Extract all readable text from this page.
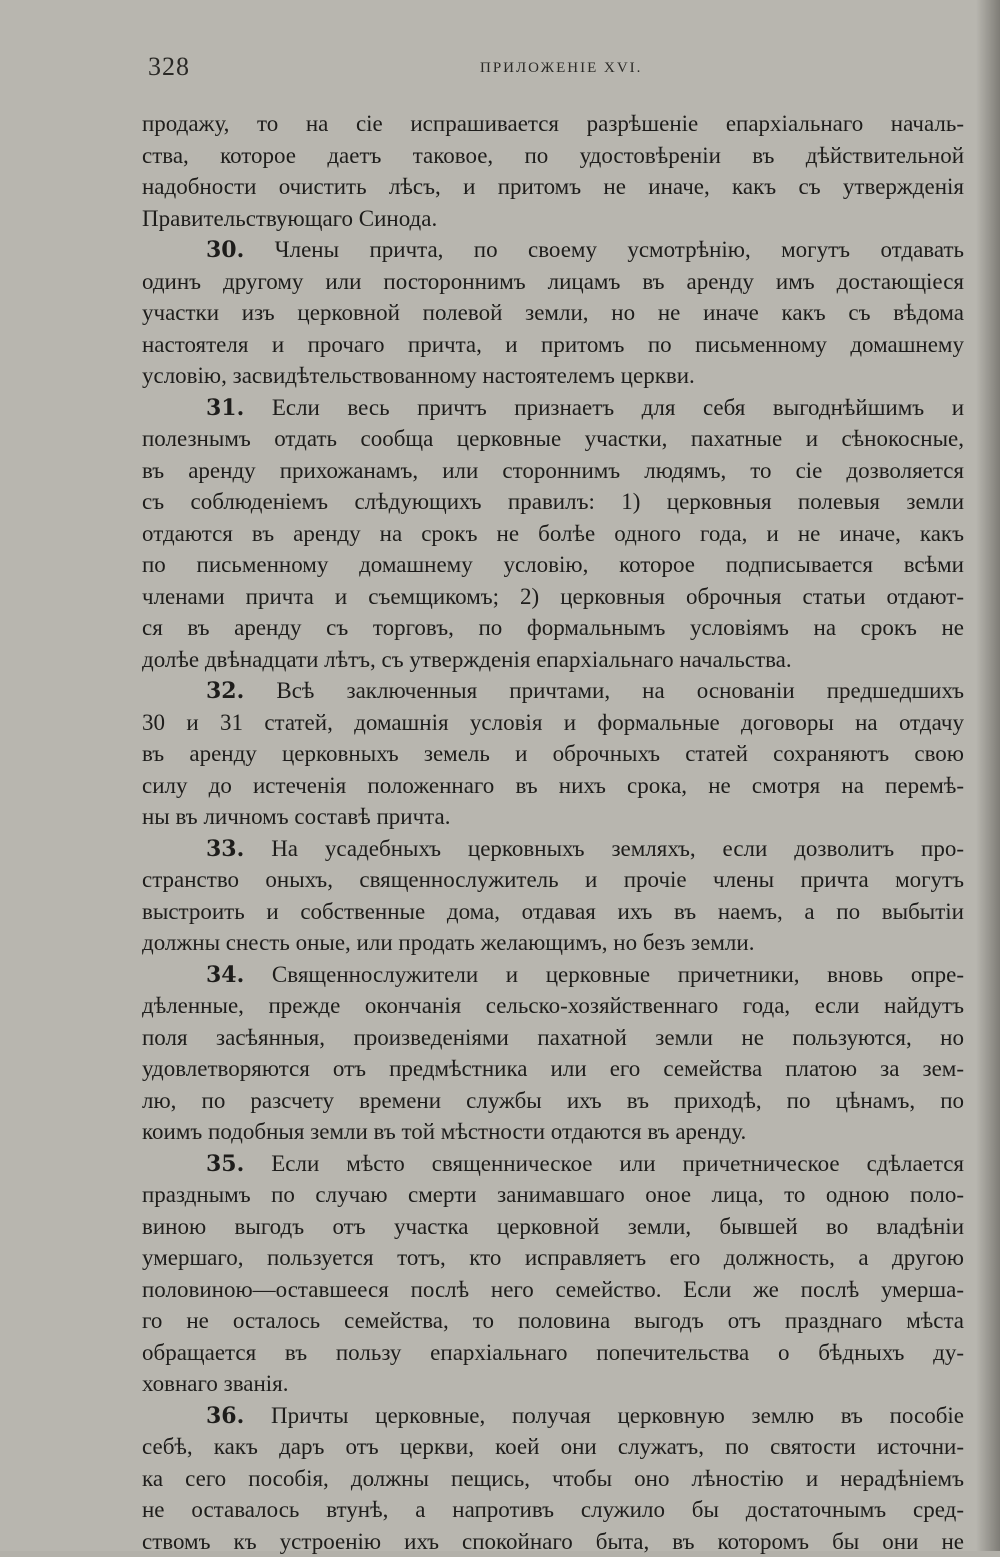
328	ПРИЛОЖЕНІЕ XVI.
продажу, то на сіе испрашивается разрѣшеніе епархіальнаго началь-
ства, которое даетъ таковое, по удостовѣреніи въ дѣйствительной
надобности очистить лѣсъ, и притомъ не иначе, какъ съ утвержденія
Правительствующаго Синода.
30. Члены причта, по своему усмотрѣнію, могутъ отдавать
одинъ другому или постороннимъ лицамъ въ аренду имъ достающіеся
участки изъ церковной полевой земли, но не иначе какъ съ вѣдома
настоятеля и прочаго причта, и притомъ по письменному домашнему
условію, засвидѣтельствованному настоятелемъ церкви.
31. Если весь причтъ признаетъ для себя выгоднѣйшимъ и
полезнымъ отдать сообща церковные участки, пахатные и сѣнокосные,
въ аренду прихожанамъ, или стороннимъ людямъ, то сіе дозволяется
съ соблюденіемъ слѣдующихъ правилъ: 1) церковныя полевыя земли
отдаются въ аренду на срокъ не болѣе одного года, и не иначе, какъ
по письменному домашнему условію, которое подписывается всѣми
членами причта и съемщикомъ; 2) церковныя оброчныя статьи отдают-
ся въ аренду съ торговъ, по формальнымъ условіямъ на срокъ не
долѣе двѣнадцати лѣтъ, съ утвержденія епархіальнаго начальства.
32. Всѣ заключенныя причтами, на основаніи предшедшихъ
30 и 31 статей, домашнія условія и формальные договоры на отдачу
въ аренду церковныхъ земель и оброчныхъ статей сохраняютъ свою
силу до истеченія положеннаго въ нихъ срока, не смотря на перемѣ-
ны въ личномъ составѣ причта.
33. На усадебныхъ церковныхъ земляхъ, если дозволитъ про-
странство оныхъ, священнослужитель и прочіе члены причта могутъ
выстроить и собственные дома, отдавая ихъ въ наемъ, а по выбытіи
должны снесть оные, или продать желающимъ, но безъ земли.
34. Священнослужители и церковные причетники, вновь опре-
дѣленные, прежде окончанія сельско-хозяйственнаго года, если найдутъ
поля засѣянныя, произведеніями пахатной земли не пользуются, но
удовлетворяются отъ предмѣстника или его семейства платою за зем-
лю, по разсчету времени службы ихъ въ приходѣ, по цѣнамъ, по
коимъ подобныя земли въ той мѣстности отдаются въ аренду.
35. Если мѣсто священническое или причетническое сдѣлается
празднымъ по случаю смерти занимавшаго оное лица, то одною поло-
виною выгодъ отъ участка церковной земли, бывшей во владѣніи
умершаго, пользуется тотъ, кто исправляетъ его должность, а другою
половиною—оставшееся послѣ него семейство. Если же послѣ умерша-
го не осталось семейства, то половина выгодъ отъ празднаго мѣста
обращается въ пользу епархіальнаго попечительства о бѣдныхъ ду-
ховнаго званія.
36. Причты церковные, получая церковную землю въ пособіе
себѣ, какъ даръ отъ церкви, коей они служатъ, по святости источни-
ка сего пособія, должны пещись, чтобы оно лѣностію и нерадѣніемъ
не оставалось втунѣ, а напротивъ служило бы достаточнымъ сред-
ствомъ къ устроенію ихъ спокойнаго быта, въ которомъ бы они не
